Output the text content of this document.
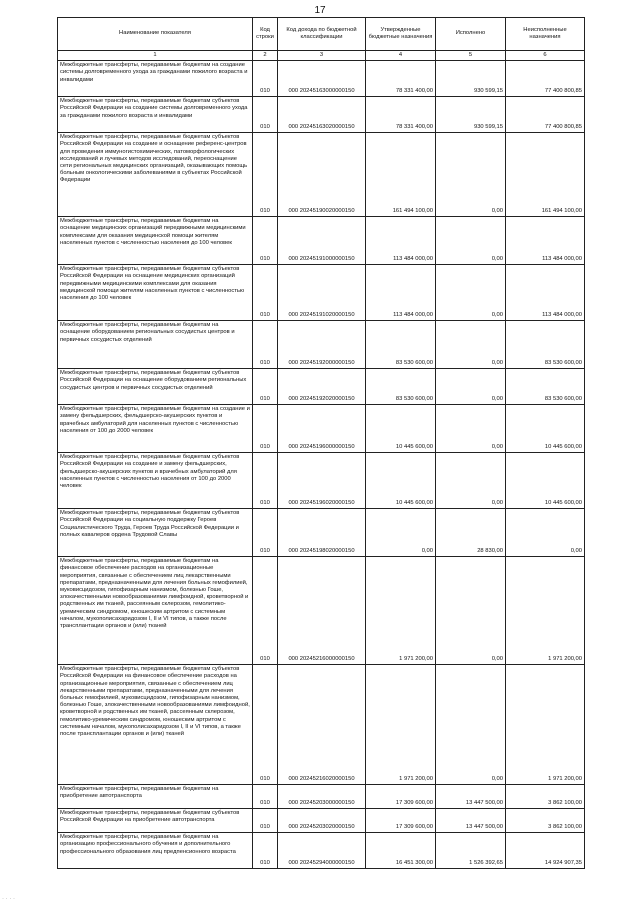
17
Наименование показателя	Код строки	Код дохода по бюджетной классификации	Утвержденные бюджетные назначения	Исполнено	Неисполненные назначения
1	2	3	4	5	6
Межбюджетные трансферты, передаваемые бюджетам на создание системы долговременного ухода за гражданами пожилого возраста и инвалидами	010	000 20245163000000150	78 331 400,00	930 599,15	77 400 800,85
Межбюджетные трансферты, передаваемые бюджетам субъектов Российской Федерации на создание системы долговременного ухода за гражданами пожилого возраста и инвалидами	010	000 20245163020000150	78 331 400,00	930 599,15	77 400 800,85
Межбюджетные трансферты, передаваемые бюджетам субъектов Российской Федерации на создание и оснащение референс-центров для проведения иммуногистохимических, патоморфологических исследований и лучевых методов исследований, переоснащение сети региональных медицинских организаций, оказывающих помощь больным онкологическими заболеваниями в субъектах Российской Федерации	010	000 20245190020000150	161 494 100,00	0,00	161 494 100,00
Межбюджетные трансферты, передаваемые бюджетам на оснащение медицинских организаций передвижными медицинскими комплексами для оказания медицинской помощи жителям населенных пунктов с численностью населения до 100 человек	010	000 20245191000000150	113 484 000,00	0,00	113 484 000,00
Межбюджетные трансферты, передаваемые бюджетам субъектов Российской Федерации на оснащение медицинских организаций передвижными медицинскими комплексами для оказания медицинской помощи жителям населенных пунктов с численностью населения до 100 человек	010	000 20245191020000150	113 484 000,00	0,00	113 484 000,00
Межбюджетные трансферты, передаваемые бюджетам на оснащение оборудованием региональных сосудистых центров и первичных сосудистых отделений	010	000 20245192000000150	83 530 600,00	0,00	83 530 600,00
Межбюджетные трансферты, передаваемые бюджетам субъектов Российской Федерации на оснащение оборудованием региональных сосудистых центров и первичных сосудистых отделений	010	000 20245192020000150	83 530 600,00	0,00	83 530 600,00
Межбюджетные трансферты, передаваемые бюджетам на создание и замену фельдшерских, фельдшерско-акушерских пунктов и врачебных амбулаторий для населенных пунктов с численностью населения от 100 до 2000 человек	010	000 20245196000000150	10 445 600,00	0,00	10 445 600,00
Межбюджетные трансферты, передаваемые бюджетам субъектов Российской Федерации на создание и замену фельдшерских, фельдшерско-акушерских пунктов и врачебных амбулаторий для населенных пунктов с численностью населения от 100 до 2000 человек	010	000 20245196020000150	10 445 600,00	0,00	10 445 600,00
Межбюджетные трансферты, передаваемые бюджетам субъектов Российской Федерации на социальную поддержку Героев Социалистического Труда, Героев Труда Российской Федерации и полных кавалеров ордена Трудовой Славы	010	000 20245198020000150	0,00	28 830,00	0,00
Межбюджетные трансферты, передаваемые бюджетам на финансовое обеспечение расходов на организационные мероприятия, связанные с обеспечением лиц лекарственными препаратами, предназначенными для лечения больных гемофилией, муковисцидозом, гипофизарным нанизмом, болезнью Гоше, злокачественными новообразованиями лимфоидной, кроветворной и родственных им тканей, рассеянным склерозом, гемолитико-уремическим синдромом, юношеским артритом с системным началом, мукополисахаридозом I, II и VI типов, а также после трансплантации органов и (или) тканей	010	000 20245216000000150	1 971 200,00	0,00	1 971 200,00
Межбюджетные трансферты, передаваемые бюджетам субъектов Российской Федерации на финансовое обеспечение расходов на организационные мероприятия, связанные с обеспечением лиц лекарственными препаратами, предназначенными для лечения больных гемофилией, муковисцидозом, гипофизарным нанизмом, болезнью Гоше, злокачественными новообразованиями лимфоидной, кроветворной и родственных им тканей, рассеянным склерозом, гемолитико-уремическим синдромом, юношеским артритом с системным началом, мукополисахаридозом I, II и VI типов, а также после трансплантации органов и (или) тканей	010	000 20245216020000150	1 971 200,00	0,00	1 971 200,00
Межбюджетные трансферты, передаваемые бюджетам на приобретение автотранспорта	010	000 20245203000000150	17 309 600,00	13 447 500,00	3 862 100,00
Межбюджетные трансферты, передаваемые бюджетам субъектов Российской Федерации на приобретение автотранспорта	010	000 20245203020000150	17 309 600,00	13 447 500,00	3 862 100,00
Межбюджетные трансферты, передаваемые бюджетам на организацию профессионального обучения и дополнительного профессионального образования лиц предпенсионного возраста	010	000 20245294000000150	16 451 300,00	1 526 392,65	14 924 907,35
· · · ·
